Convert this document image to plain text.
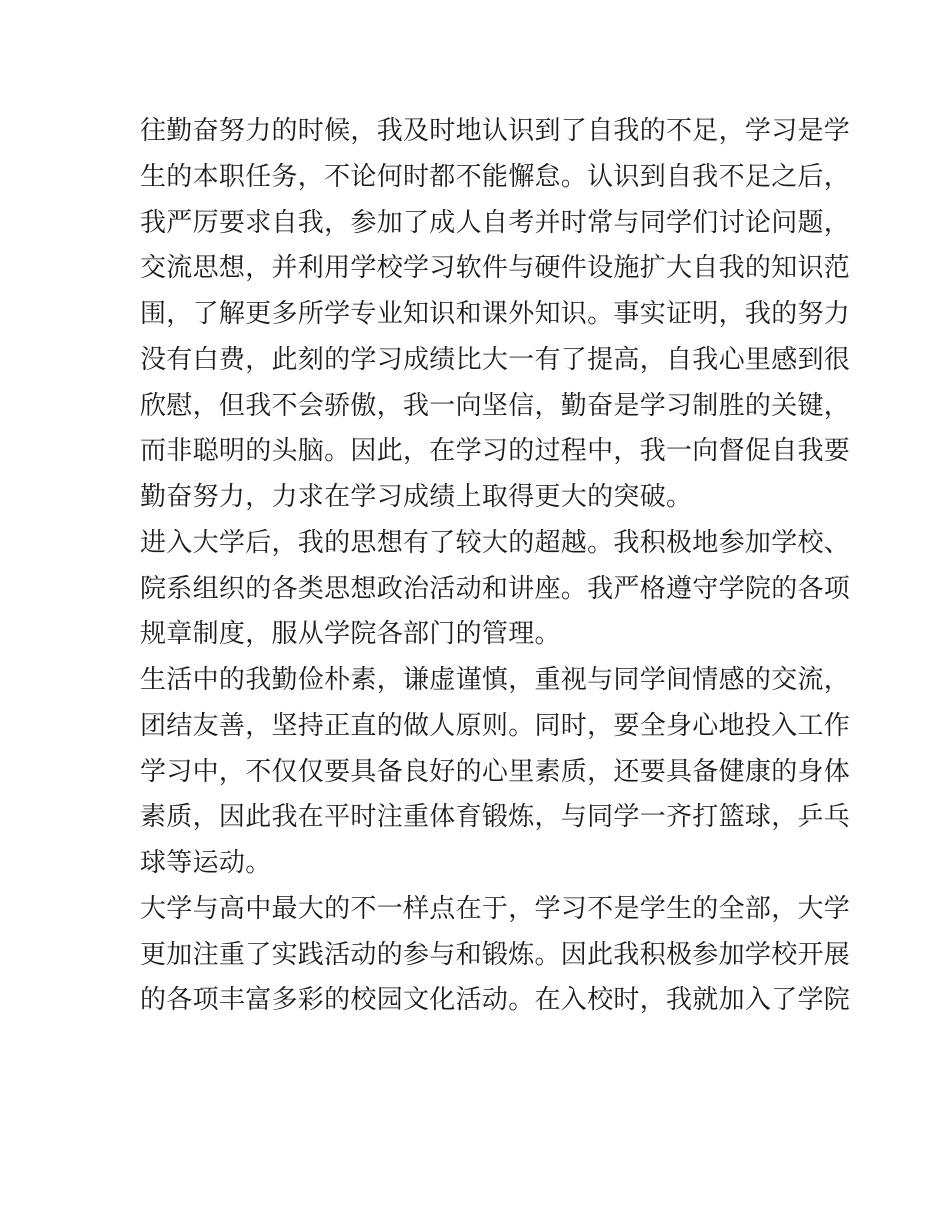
往勤奋努力的时候，我及时地认识到了自我的不足，学习是学
生的本职任务，不论何时都不能懈怠。认识到自我不足之后，
我严厉要求自我，参加了成人自考并时常与同学们讨论问题，
交流思想，并利用学校学习软件与硬件设施扩大自我的知识范
围，了解更多所学专业知识和课外知识。事实证明，我的努力
没有白费，此刻的学习成绩比大一有了提高，自我心里感到很
欣慰，但我不会骄傲，我一向坚信，勤奋是学习制胜的关键，
而非聪明的头脑。因此，在学习的过程中，我一向督促自我要
勤奋努力，力求在学习成绩上取得更大的突破。
进入大学后，我的思想有了较大的超越。我积极地参加学校、
院系组织的各类思想政治活动和讲座。我严格遵守学院的各项
规章制度，服从学院各部门的管理。
生活中的我勤俭朴素，谦虚谨慎，重视与同学间情感的交流，
团结友善，坚持正直的做人原则。同时，要全身心地投入工作
学习中，不仅仅要具备良好的心里素质，还要具备健康的身体
素质，因此我在平时注重体育锻炼，与同学一齐打篮球，乒乓
球等运动。
大学与高中最大的不一样点在于，学习不是学生的全部，大学
更加注重了实践活动的参与和锻炼。因此我积极参加学校开展
的各项丰富多彩的校园文化活动。在入校时，我就加入了学院
